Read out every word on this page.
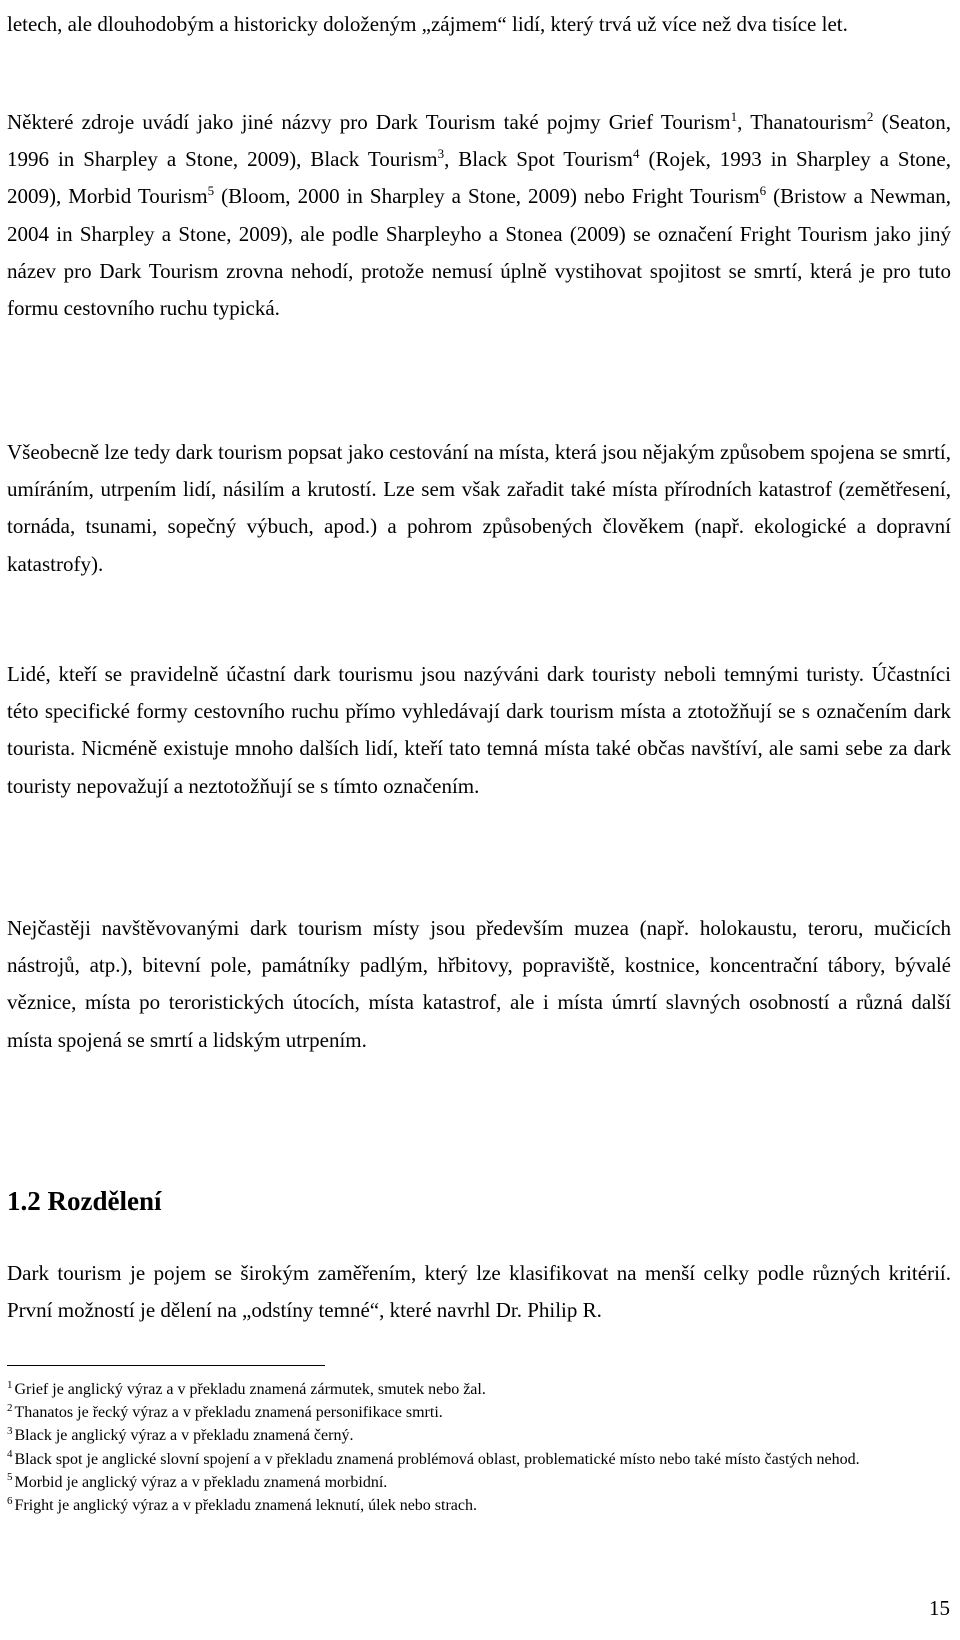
letech, ale dlouhodobým a historicky doloženým „zájmem“ lidí, který trvá už více než dva tisíce let.

Některé zdroje uvádí jako jiné názvy pro Dark Tourism také pojmy Grief Tourism$^1$, Thanatourism$^2$ (Seaton, 1996 in Sharpley a Stone, 2009), Black Tourism$^3$, Black Spot Tourism$^4$ (Rojek, 1993 in Sharpley a Stone, 2009), Morbid Tourism$^5$ (Bloom, 2000 in Sharpley a Stone, 2009) nebo Fright Tourism$^6$ (Bristow a Newman, 2004 in Sharpley a Stone, 2009), ale podle Sharpleyho a Stonea (2009) se označení Fright Tourism jako jiný název pro Dark Tourism zrovna nehodí, protože nemusí úplně vystihovat spojitost se smrtí, která je pro tuto formu cestovního ruchu typická.

Všeobecně lze tedy dark tourism popsat jako cestování na místa, která jsou nějakým způsobem spojena se smrtí, umíráním, utrpením lidí, násilím a krutostí. Lze sem však zařadit také místa přírodních katastrof (zemětřesení, tornáda, tsunami, sopečný výbuch, apod.) a pohrom způsobených člověkem (např. ekologické a dopravní katastrofy).

Lidé, kteří se pravidelně účastní dark tourismu jsou nazýváni dark touristy neboli temnými turisty. Účastníci této specifické formy cestovního ruchu přímo vyhledávají dark tourism místa a ztotožňují se s označením dark tourista. Nicméně existuje mnoho dalších lidí, kteří tato temná místa také občas navštíví, ale sami sebe za dark touristy nepovažují a neztotožňují se s tímto označením.

Nejčastěji navštěvovanými dark tourism místy jsou především muzea (např. holokaustu, teroru, mučicích nástrojů, atp.), bitevní pole, památníky padlým, hřbitovy, popraviště, kostnice, koncentrační tábory, bývalé věznice, místa po teroristických útocích, místa katastrof, ale i místa úmrtí slavných osobností a různá další místa spojená se smrtí a lidským utrpením.

1.2 Rozdělení

Dark tourism je pojem se širokým zaměřením, který lze klasifikovat na menší celky podle různých kritérií. První možností je dělení na „odstíny temné“, které navrhl Dr. Philip R.

$^1$ Grief je anglický výraz a v překladu znamená zármutek, smutek nebo žal.

$^2$ Thanatos je řecký výraz a v překladu znamená personifikace smrti.

$^3$ Black je anglický výraz a v překladu znamená černý.

$^4$ Black spot je anglické slovní spojení a v překladu znamená problémová oblast, problematické místo nebo také místo častých nehod.

$^5$ Morbid je anglický výraz a v překladu znamená morbidní.

$^6$ Fright je anglický výraz a v překladu znamená leknutí, úlek nebo strach.

15
